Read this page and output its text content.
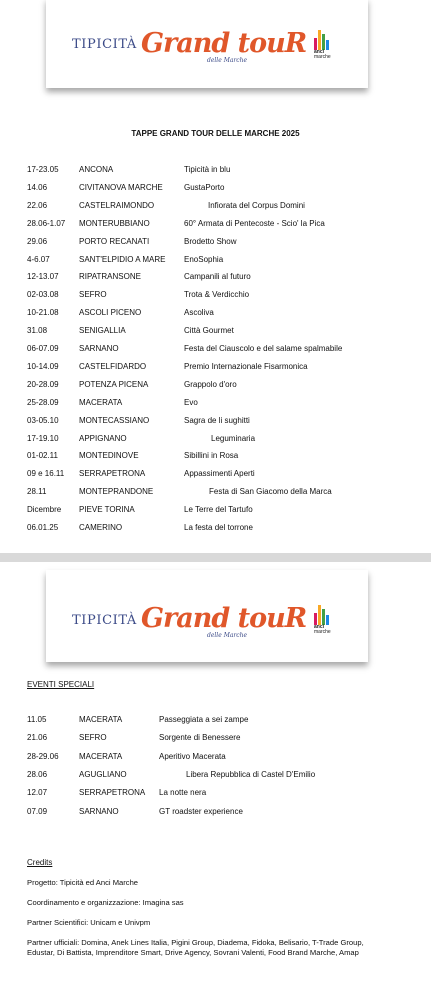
TIPICITÀ Grand touR
delle Marche
anci
marche
TAPPE GRAND TOUR DELLE MARCHE 2025
17-23.05	ANCONA	Tipicità in blu
14.06	CIVITANOVA MARCHE	GustaPorto
22.06	CASTELRAIMONDO	Infiorata del Corpus Domini
28.06-1.07 MONTERUBBIANO	60° Armata di Pentecoste - Scio' la Pica
29.06	PORTO RECANATI	Brodetto Show
4-6.07	SANT'ELPIDIO A MARE EnoSophia
12-13.07	RIPATRANSONE	Campanili al futuro
02-03.08	SEFRO	Trota & Verdicchio
10-21.08	ASCOLI PICENO	Ascoliva
31.08	SENIGALLIA	Città Gourmet
06-07.09	SARNANO	Festa del Ciauscolo e del salame spalmabile
10-14.09	CASTELFIDARDO	Premio Internazionale Fisarmonica
20-28.09	POTENZA PICENA	Grappolo d'oro
25-28.09	MACERATA	Evo
03-05.10	MONTECASSIANO	Sagra de li sughitti
17-19.10	APPIGNANO	Leguminaria
01-02.11	MONTEDINOVE	Sibillini in Rosa
09 e 16.11 SERRAPETRONA	Appassimenti Aperti
28.11	MONTEPRANDONE	Festa di San Giacomo della Marca
Dicembre PIEVE TORINA	Le Terre del Tartufo
06.01.25	CAMERINO	La festa del torrone
TIPICITÀ Grand touR
delle Marche
anci
marche
EVENTI SPECIALI
11.05	MACERATA	Passeggiata a sei zampe
21.06	SEFRO	Sorgente di Benessere
28-29.06	MACERATA	Aperitivo Macerata
28.06	AGUGLIANO	Libera Repubblica di Castel D'Emilio
12.07	SERRAPETRONA La notte nera
07.09	SARNANO	GT roadster experience
Credits
Progetto: Tipicità ed Anci Marche
Coordinamento e organizzazione: Imagina sas
Partner Scientifici: Unicam e Univpm
Partner ufficiali: Domina, Anek Lines Italia, Pigini Group, Diadema, Fidoka, Belisario, T-Trade Group, Edustar, Di Battista, Imprenditore Smart, Drive Agency, Sovrani Valenti, Food Brand Marche, Amap
